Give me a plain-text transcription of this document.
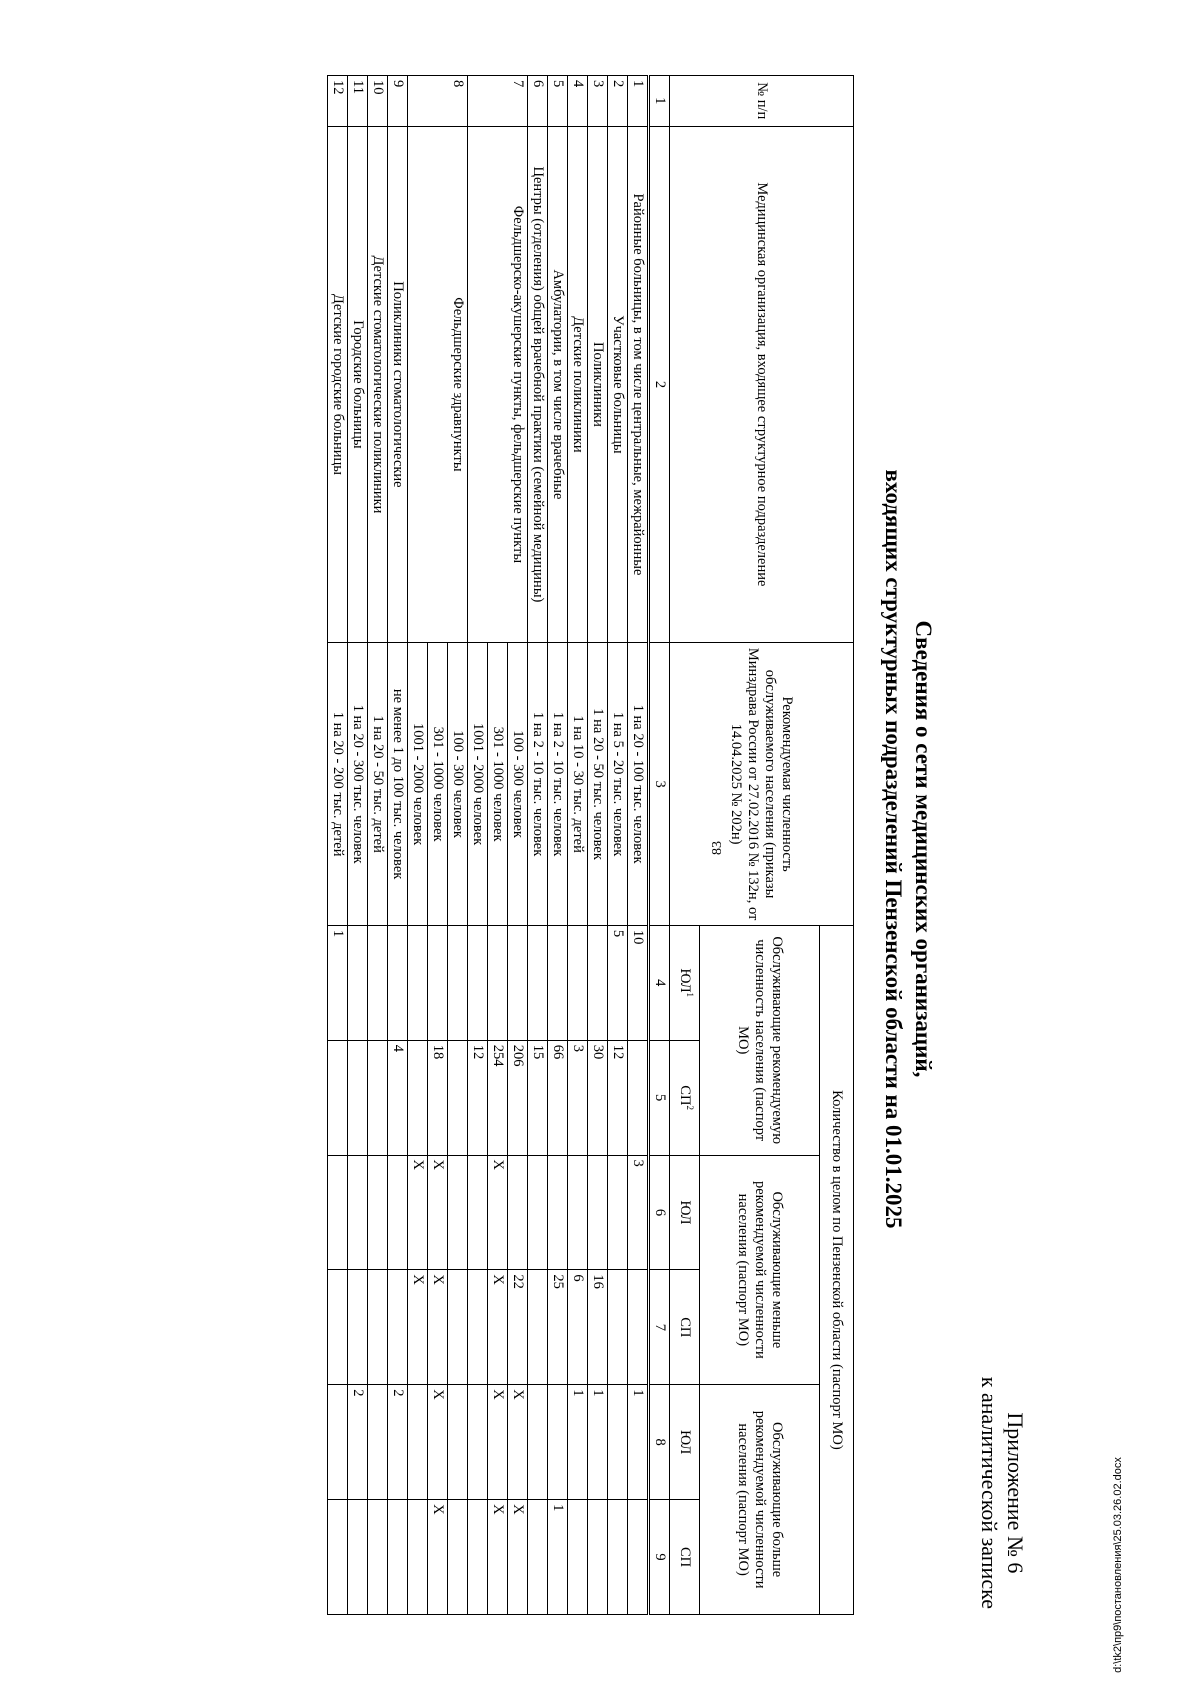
83
d:\tk2\пр9\постановления\25.03.26.02.docx
Приложение № 6
к аналитической записке
Сведения о сети медицинских организаций,
входящих структурных подразделений Пензенской области на 01.01.2025
№ п/п	Медицинская организация, входящее структурное подразделение	Рекомендуемая численность обслуживаемого населения (приказы Минздрава России от 27.02.2016 № 132н, от 14.04.2025 № 202н)	Количество в целом по Пензенской области (паспорт МО)					
			Обслуживающие рекомендуемую численность населения (паспорт МО)		Обслуживающие меньше рекомендуемой численности населения (паспорт МО)		Обслуживающие больше рекомендуемой численности населения (паспорт МО)	
			$ЮЛ^1$	$СП^2$	ЮЛ	СП	ЮЛ	СП
1	2	3	4	5	6	7	8	9
1	Районные больницы, в том числе центральные, межрайонные	1 на 20 - 100 тыс. человек	10		3		1	
2	Участковые больницы	1 на 5 - 20 тыс. человек	5	12				
3	Поликлиники	1 на 20 - 50 тыс. человек		30		16	1	
4	Детские поликлиники	1 на 10 - 30 тыс. детей		3		6	1	
5	Амбулатории, в том числе врачебные	1 на 2 - 10 тыс. человек		66		25		1
6	Центры (отделения) общей врачебной практики (семейной медицины)	1 на 2 - 10 тыс. человек		15				
7	Фельдшерско-акушерские пункты, фельдшерские пункты	100 - 300 человек		206		22	X	X
		301 - 1000 человек		254	X	X	X	X
		1001 - 2000 человек		12				
8	Фельдшерские здравпункты	100 - 300 человек						
		301 - 1000 человек		18	X	X	X	X
		1001 - 2000 человек			X	X		
9	Поликлиники стоматологические	не менее 1 до 100 тыс. человек		4			2	
10	Детские стоматологические поликлиники	1 на 20 - 50 тыс. детей						
11	Городские больницы	1 на 20 - 300 тыс. человек					2	
12	Детские городские больницы	1 на 20 - 200 тыс. детей	1					
